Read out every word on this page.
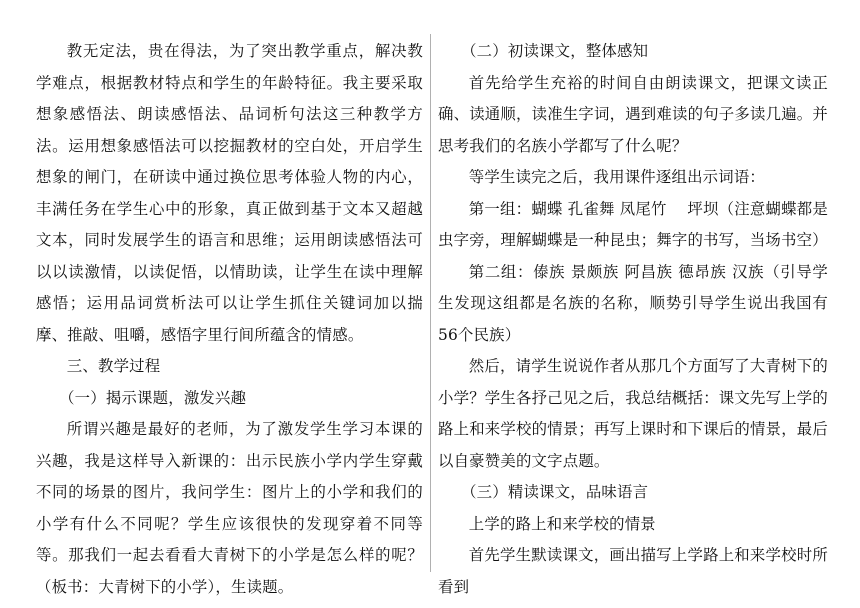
教无定法，贵在得法，为了突出教学重点，解决教学难点，根据教材特点和学生的年龄特征。我主要采取想象感悟法、朗读感悟法、品词析句法这三种教学方法。运用想象感悟法可以挖掘教材的空白处，开启学生想象的闸门，在研读中通过换位思考体验人物的内心，丰满任务在学生心中的形象，真正做到基于文本又超越文本，同时发展学生的语言和思维；运用朗读感悟法可以以读激情，以读促悟，以情助读，让学生在读中理解感悟；运用品词赏析法可以让学生抓住关键词加以揣摩、推敲、咀嚼，感悟字里行间所蕴含的情感。

三、教学过程

（一）揭示课题，激发兴趣

所谓兴趣是最好的老师，为了激发学生学习本课的兴趣，我是这样导入新课的：出示民族小学内学生穿戴不同的场景的图片，我问学生：图片上的小学和我们的小学有什么不同呢？学生应该很快的发现穿着不同等等。那我们一起去看看大青树下的小学是怎么样的呢？（板书：大青树下的小学），生读题。

（二）初读课文，整体感知

首先给学生充裕的时间自由朗读课文，把课文读正确、读通顺，读准生字词，遇到难读的句子多读几遍。并思考我们的名族小学都写了什么呢？

等学生读完之后，我用课件逐组出示词语：

第一组：蝴蝶 孔雀舞 凤尾竹 　坪坝（注意蝴蝶都是虫字旁，理解蝴蝶是一种昆虫；舞字的书写，当场书空）

第二组：傣族 景颇族 阿昌族 德昂族 汉族（引导学生发现这组都是名族的名称，顺势引导学生说出我国有56个民族）

然后，请学生说说作者从那几个方面写了大青树下的小学？学生各抒己见之后，我总结概括：课文先写上学的路上和来学校的情景；再写上课时和下课后的情景，最后以自豪赞美的文字点题。

（三）精读课文，品味语言

上学的路上和来学校的情景

首先学生默读课文，画出描写上学路上和来学校时所看到
